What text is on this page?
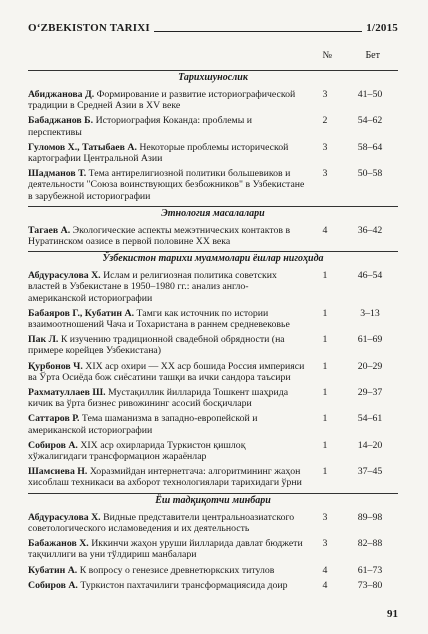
O‘ZBEKISTON TARIXI	1/2015
№	Бет
Тарихшунослик
Абиджанова Д. Формирование и развитие историографической традиции в Средней Азии в XV веке
3	41–50
Бабаджанов Б. Историография Коканда: проблемы и перспективы
2	54–62
Гуломов Х., Татыбаев А. Некоторые проблемы исторической картографии Центральной Азии
3	58–64
Шадманов Т. Тема антирелигиозной политики большевиков и деятельности "Союза воинствующих безбожников" в Узбекистане в зарубежной историографии
3	50–58
Этнология масалалари
Тагаев А. Экологические аспекты межэтнических контактов в Нуратинском оазисе в первой половине XX века
4	36–42
Ўзбекистон тарихи муаммолари ёшлар нигоҳида
Абдурасулова Х. Ислам и религиозная политика советских властей в Узбекистане в 1950–1980 гг.: анализ англо-американской историографии
1	46–54
Бабаяров Г., Кубатин А. Тамги как источник по истории взаимоотношений Чача и Тохаристана в раннем средневековье
1	3–13
Пак Л. К изучению традиционной свадебной обрядности (на примере корейцев Узбекистана)
1	61–69
Қурбонов Ч. XIX аср охири — XX аср бошида Россия империяси ва Ўрта Осиёда бож сиёсатини ташқи ва ички сандора таъсири
1	20–29
Рахматуллаев Ш. Мустақиллик йилларида Тошкент шаҳрида кичик ва ўрта бизнес ривожининг асосий босқичлари
1	29–37
Саттаров Р. Тема шаманизма в западно-европейской и американской историографии
1	54–61
Собиров А. XIX аср охирларида Туркистон қишлоқ хўжалигидаги трансформацион жараёнлар
1	14–20
Шамсиева Н. Хоразмийдан интернетгача: алгоритмининг жаҳон хисоблаш техникаси ва ахборот технологиялари тарихидаги ўрни
1	37–45
Ёш тадқиқотчи минбари
Абдурасулова Х. Видные представители центральноазиатского советологического исламоведения и их деятельность
3	89–98
Бабажанов Х. Иккинчи жаҳон уруши йилларида давлат бюджети тақчиллиги ва уни тўлдириш манбалари
3	82–88
Кубатин А. К вопросу о генезисе древнетюркских титулов	4	61–73
Собиров А. Туркистон пахтачилиги трансформациясида доир	4	73–80
91
